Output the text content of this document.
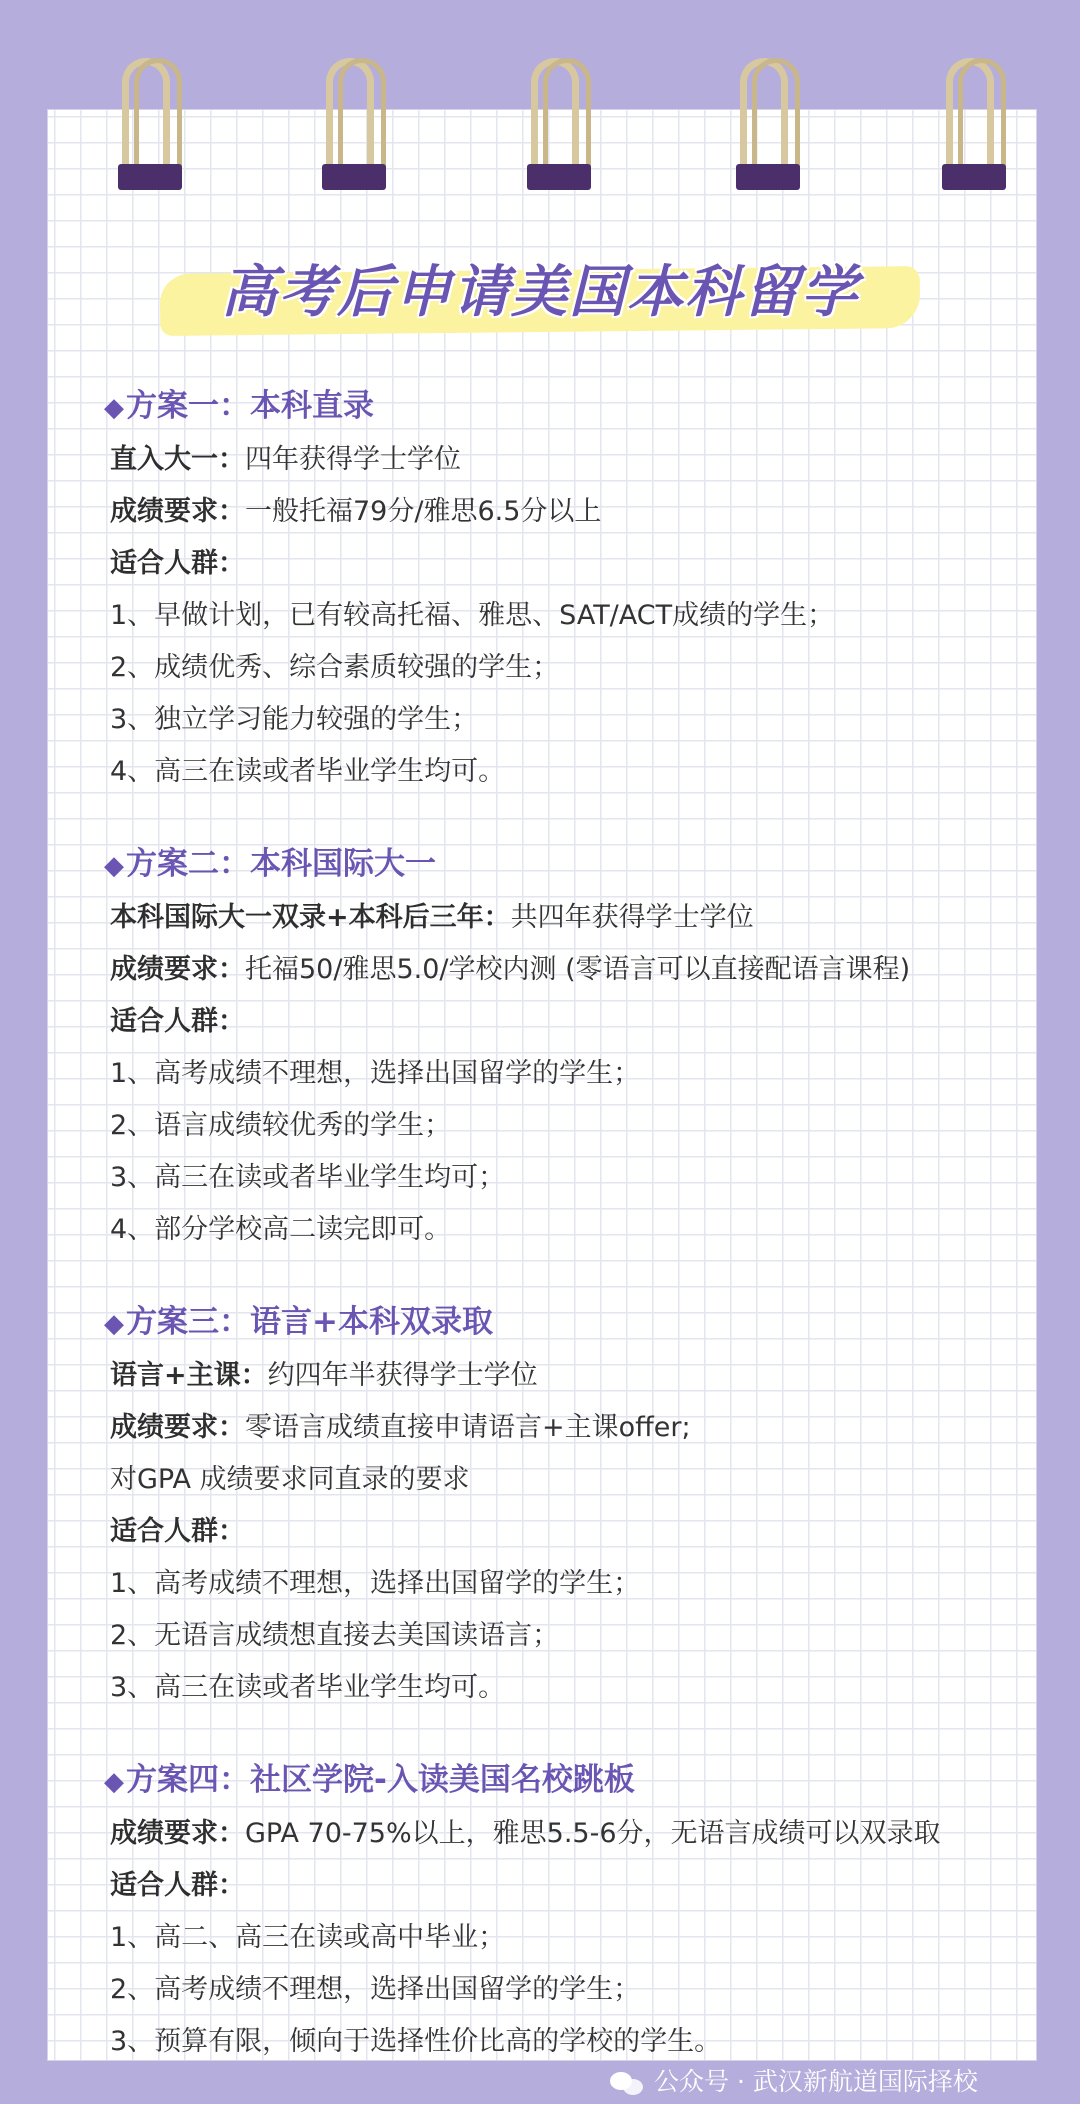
高考后申请美国本科留学
◆方案一：本科直录
直入大一：四年获得学士学位
成绩要求：一般托福79分/雅思6.5分以上
适合人群：
1、早做计划，已有较高托福、雅思、SAT/ACT成绩的学生；
2、成绩优秀、综合素质较强的学生；
3、独立学习能力较强的学生；
4、高三在读或者毕业学生均可。
◆方案二：本科国际大一
本科国际大一双录+本科后三年：共四年获得学士学位
成绩要求：托福50/雅思5.0/学校内测 (零语言可以直接配语言课程)
适合人群：
1、高考成绩不理想，选择出国留学的学生；
2、语言成绩较优秀的学生；
3、高三在读或者毕业学生均可；
4、部分学校高二读完即可。
◆方案三：语言+本科双录取
语言+主课：约四年半获得学士学位
成绩要求：零语言成绩直接申请语言+主课offer;
对GPA 成绩要求同直录的要求
适合人群：
1、高考成绩不理想，选择出国留学的学生；
2、无语言成绩想直接去美国读语言；
3、高三在读或者毕业学生均可。
◆方案四：社区学院-入读美国名校跳板
成绩要求：GPA 70-75%以上，雅思5.5-6分，无语言成绩可以双录取
适合人群：
1、高二、高三在读或高中毕业；
2、高考成绩不理想，选择出国留学的学生；
3、预算有限，倾向于选择性价比高的学校的学生。
公众号 · 武汉新航道国际择校
